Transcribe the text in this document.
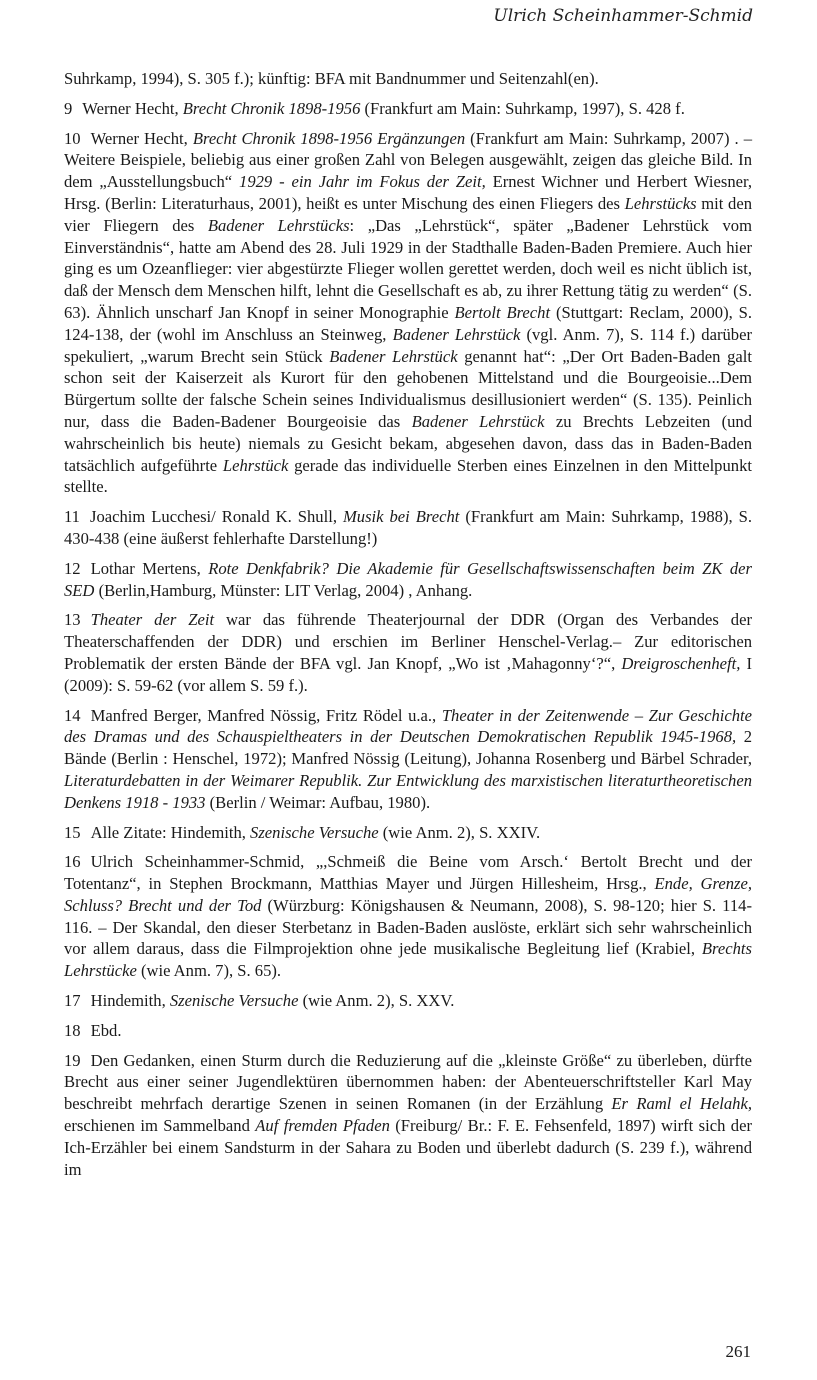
Ulrich Scheinhammer-Schmid

Suhrkamp, 1994), S. 305 f.); künftig: BFA mit Bandnummer und Seitenzahl(en).

9 Werner Hecht, Brecht Chronik 1898-1956 (Frankfurt am Main: Suhrkamp, 1997), S. 428 f.

10 Werner Hecht, Brecht Chronik 1898-1956 Ergänzungen (Frankfurt am Main: Suhrkamp, 2007) . – Weitere Beispiele, beliebig aus einer großen Zahl von Belegen ausgewählt, zeigen das gleiche Bild. In dem „Ausstellungsbuch“ 1929 - ein Jahr im Fokus der Zeit, Ernest Wichner und Herbert Wiesner, Hrsg. (Berlin: Literaturhaus, 2001), heißt es unter Mischung des einen Fliegers des Lehrstücks mit den vier Fliegern des Badener Lehrstücks: „Das „Lehrstück“, später „Badener Lehrstück vom Einverständnis“, hatte am Abend des 28. Juli 1929 in der Stadthalle Baden-Baden Premiere. Auch hier ging es um Ozeanflieger: vier abgestürzte Flieger wollen gerettet werden, doch weil es nicht üblich ist, daß der Mensch dem Menschen hilft, lehnt die Gesellschaft es ab, zu ihrer Rettung tätig zu werden“ (S. 63). Ähnlich unscharf Jan Knopf in seiner Monographie Bertolt Brecht (Stuttgart: Reclam, 2000), S. 124-138, der (wohl im Anschluss an Steinweg, Badener Lehrstück (vgl. Anm. 7), S. 114 f.) darüber spekuliert, „warum Brecht sein Stück Badener Lehrstück genannt hat“: „Der Ort Baden-Baden galt schon seit der Kaiserzeit als Kurort für den gehobenen Mittelstand und die Bourgeoisie...Dem Bürgertum sollte der falsche Schein seines Individualismus desillusioniert werden“ (S. 135). Peinlich nur, dass die Baden-Badener Bourgeoisie das Badener Lehrstück zu Brechts Lebzeiten (und wahrscheinlich bis heute) niemals zu Gesicht bekam, abgesehen davon, dass das in Baden-Baden tatsächlich aufgeführte Lehrstück gerade das individuelle Sterben eines Einzelnen in den Mittelpunkt stellte.

11 Joachim Lucchesi/ Ronald K. Shull, Musik bei Brecht (Frankfurt am Main: Suhrkamp, 1988), S. 430-438 (eine äußerst fehlerhafte Darstellung!)

12 Lothar Mertens, Rote Denkfabrik? Die Akademie für Gesellschaftswissenschaften beim ZK der SED (Berlin,Hamburg, Münster: LIT Verlag, 2004) , Anhang.

13 Theater der Zeit war das führende Theaterjournal der DDR (Organ des Verbandes der Theaterschaffenden der DDR) und erschien im Berliner Henschel-Verlag.– Zur editorischen Problematik der ersten Bände der BFA vgl. Jan Knopf, „Wo ist ‚Mahagonny‘?“, Dreigroschenheft, I (2009): S. 59-62 (vor allem S. 59 f.).

14 Manfred Berger, Manfred Nössig, Fritz Rödel u.a., Theater in der Zeitenwende – Zur Geschichte des Dramas und des Schauspieltheaters in der Deutschen Demokratischen Republik 1945-1968, 2 Bände (Berlin : Henschel, 1972); Manfred Nössig (Leitung), Johanna Rosenberg und Bärbel Schrader, Literaturdebatten in der Weimarer Republik. Zur Entwicklung des marxistischen literaturtheoretischen Denkens 1918 - 1933 (Berlin / Weimar: Aufbau, 1980).

15 Alle Zitate: Hindemith, Szenische Versuche (wie Anm. 2), S. XXIV.

16 Ulrich Scheinhammer-Schmid, „,Schmeiß die Beine vom Arsch.‘ Bertolt Brecht und der Totentanz“, in Stephen Brockmann, Matthias Mayer und Jürgen Hillesheim, Hrsg., Ende, Grenze, Schluss? Brecht und der Tod (Würzburg: Königshausen & Neumann, 2008), S. 98-120; hier S. 114-116. – Der Skandal, den dieser Sterbetanz in Baden-Baden auslöste, erklärt sich sehr wahrscheinlich vor allem daraus, dass die Filmprojektion ohne jede musikalische Begleitung lief (Krabiel, Brechts Lehrstücke (wie Anm. 7), S. 65).

17 Hindemith, Szenische Versuche (wie Anm. 2), S. XXV.

18 Ebd.

19 Den Gedanken, einen Sturm durch die Reduzierung auf die „kleinste Größe“ zu überleben, dürfte Brecht aus einer seiner Jugendlektüren übernommen haben: der Abenteuerschriftsteller Karl May beschreibt mehrfach derartige Szenen in seinen Romanen (in der Erzählung Er Raml el Helahk, erschienen im Sammelband Auf fremden Pfaden (Freiburg/ Br.: F. E. Fehsenfeld, 1897) wirft sich der Ich-Erzähler bei einem Sandsturm in der Sahara zu Boden und überlebt dadurch (S. 239 f.), während im

261
